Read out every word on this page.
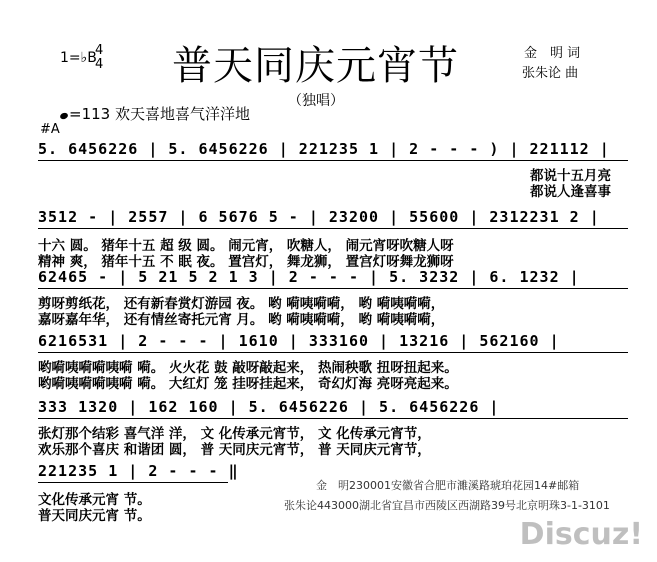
1=♭B
4
4 普天同庆元宵节	金　明 词
张朱论 曲
（独唱）
=113 欢天喜地喜气洋洋地
#A
5. 6456226 | 5. 6456226 | 221235 1 | 2 - - - ) | 221112 |
都说十五月亮
都说人逢喜事
3512 - | 2557 | 6 5676 5 - | 23200 | 55600 | 2312231 2 |
十六 圆。 猪年十五 超 级 圆。 闹元宵， 吹糖人， 闹元宵呀吹糖人呀
精神 爽， 猪年十五 不 眠 夜。 置宫灯， 舞龙狮， 置宫灯呀舞龙狮呀
62465 - | 5 21 5 2 1 3 | 2 - - - | 5. 3232 | 6. 1232 |
剪呀剪纸花， 还有新春赏灯游园 夜。 哟 嗬咦嗬嗬， 哟 嗬咦嗬嗬，
嘉呀嘉年华， 还有情丝寄托元宵 月。 哟 嗬咦嗬嗬， 哟 嗬咦嗬嗬，
6216531 | 2 - - - | 1610 | 333160 | 13216 | 562160 |
哟嗬咦嗬嗬咦嗬 嗬。 火火花 鼓 敲呀敲起来， 热闹秧歌 扭呀扭起来。
哟嗬咦嗬嗬咦嗬 嗬。 大红灯 笼 挂呀挂起来， 奇幻灯海 亮呀亮起来。
333 1320 | 162 160 | 5. 6456226 | 5. 6456226 |
张灯那个结彩 喜气洋 洋， 文 化传承元宵节， 文 化传承元宵节，
欢乐那个喜庆 和谐团 圆， 普 天同庆元宵节， 普 天同庆元宵节，
221235 1 | 2 - - - ‖
文化传承元宵 节。
普天同庆元宵 节。
金　明230001安徽省合肥市濉溪路琥珀花园14#邮箱
张朱论443000湖北省宜昌市西陵区西湖路39号北京明珠3-1-3101
Discuz!
